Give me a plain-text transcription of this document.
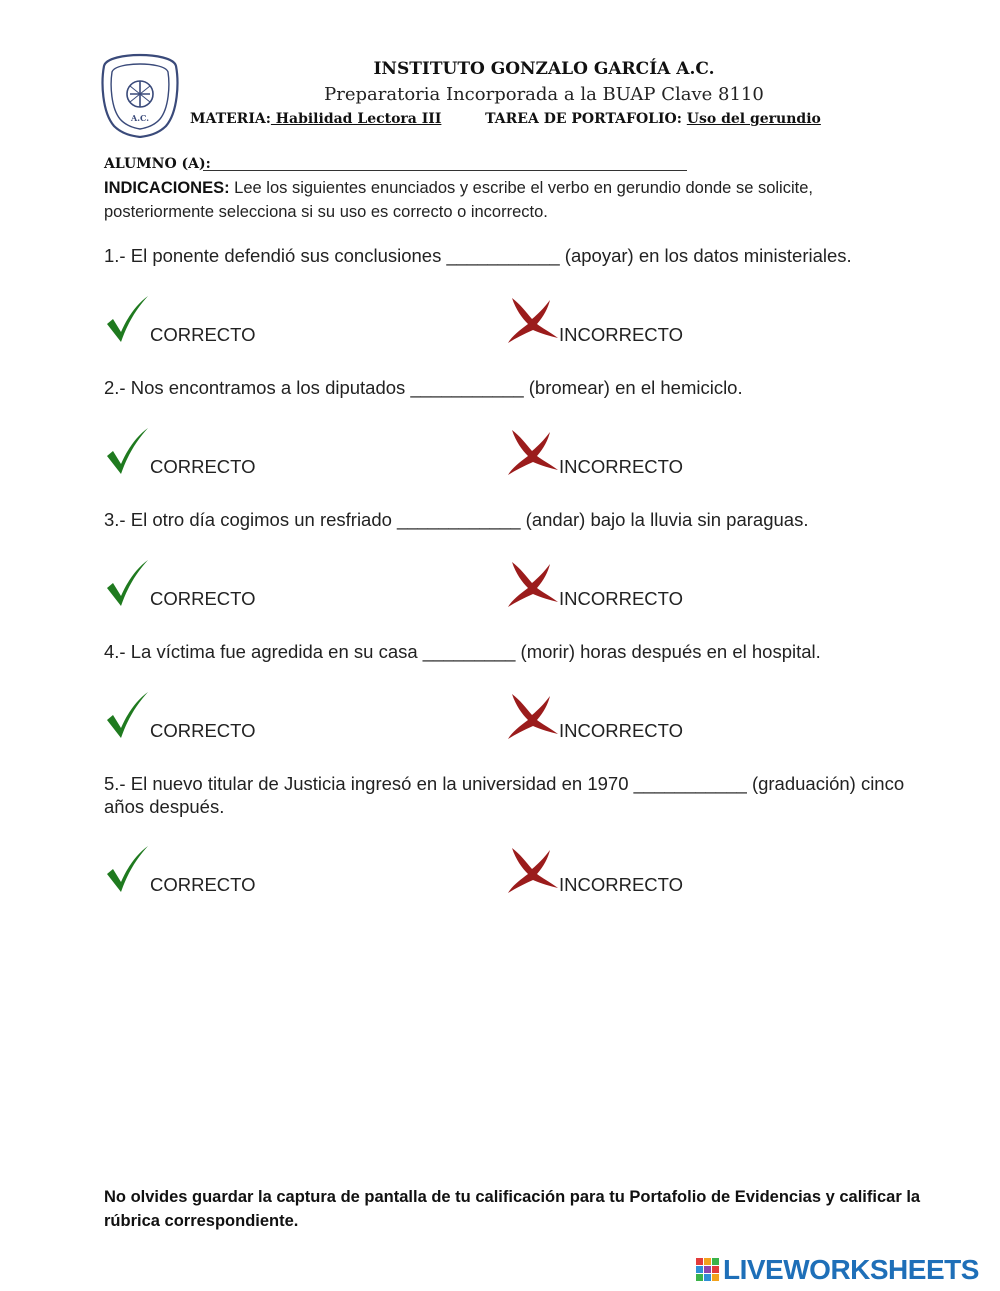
A.C.
INSTITUTO GONZALO GARCÍA A.C.
Preparatoria Incorporada a la BUAP Clave 8110
MATERIA: Habilidad Lectora III	TAREA DE PORTAFOLIO: Uso del gerundio
ALUMNO (A):
INDICACIONES: Lee los siguientes enunciados y escribe el verbo en gerundio donde se solicite, posteriormente selecciona si su uso es correcto o incorrecto.
1.- El ponente defendió sus conclusiones ___________ (apoyar) en los datos ministeriales.
CORRECTO	INCORRECTO
2.- Nos encontramos a los diputados ___________ (bromear) en el hemiciclo.
CORRECTO	INCORRECTO
3.- El otro día cogimos un resfriado ____________ (andar) bajo la lluvia sin paraguas.
CORRECTO	INCORRECTO
4.- La víctima fue agredida en su casa _________ (morir) horas después en el hospital.
CORRECTO	INCORRECTO
5.- El nuevo titular de Justicia ingresó en la universidad en 1970 ___________ (graduación) cinco años después.
CORRECTO	INCORRECTO
No olvides guardar la captura de pantalla de tu calificación para tu Portafolio de Evidencias y calificar la rúbrica correspondiente.
LIVEWORKSHEETS
